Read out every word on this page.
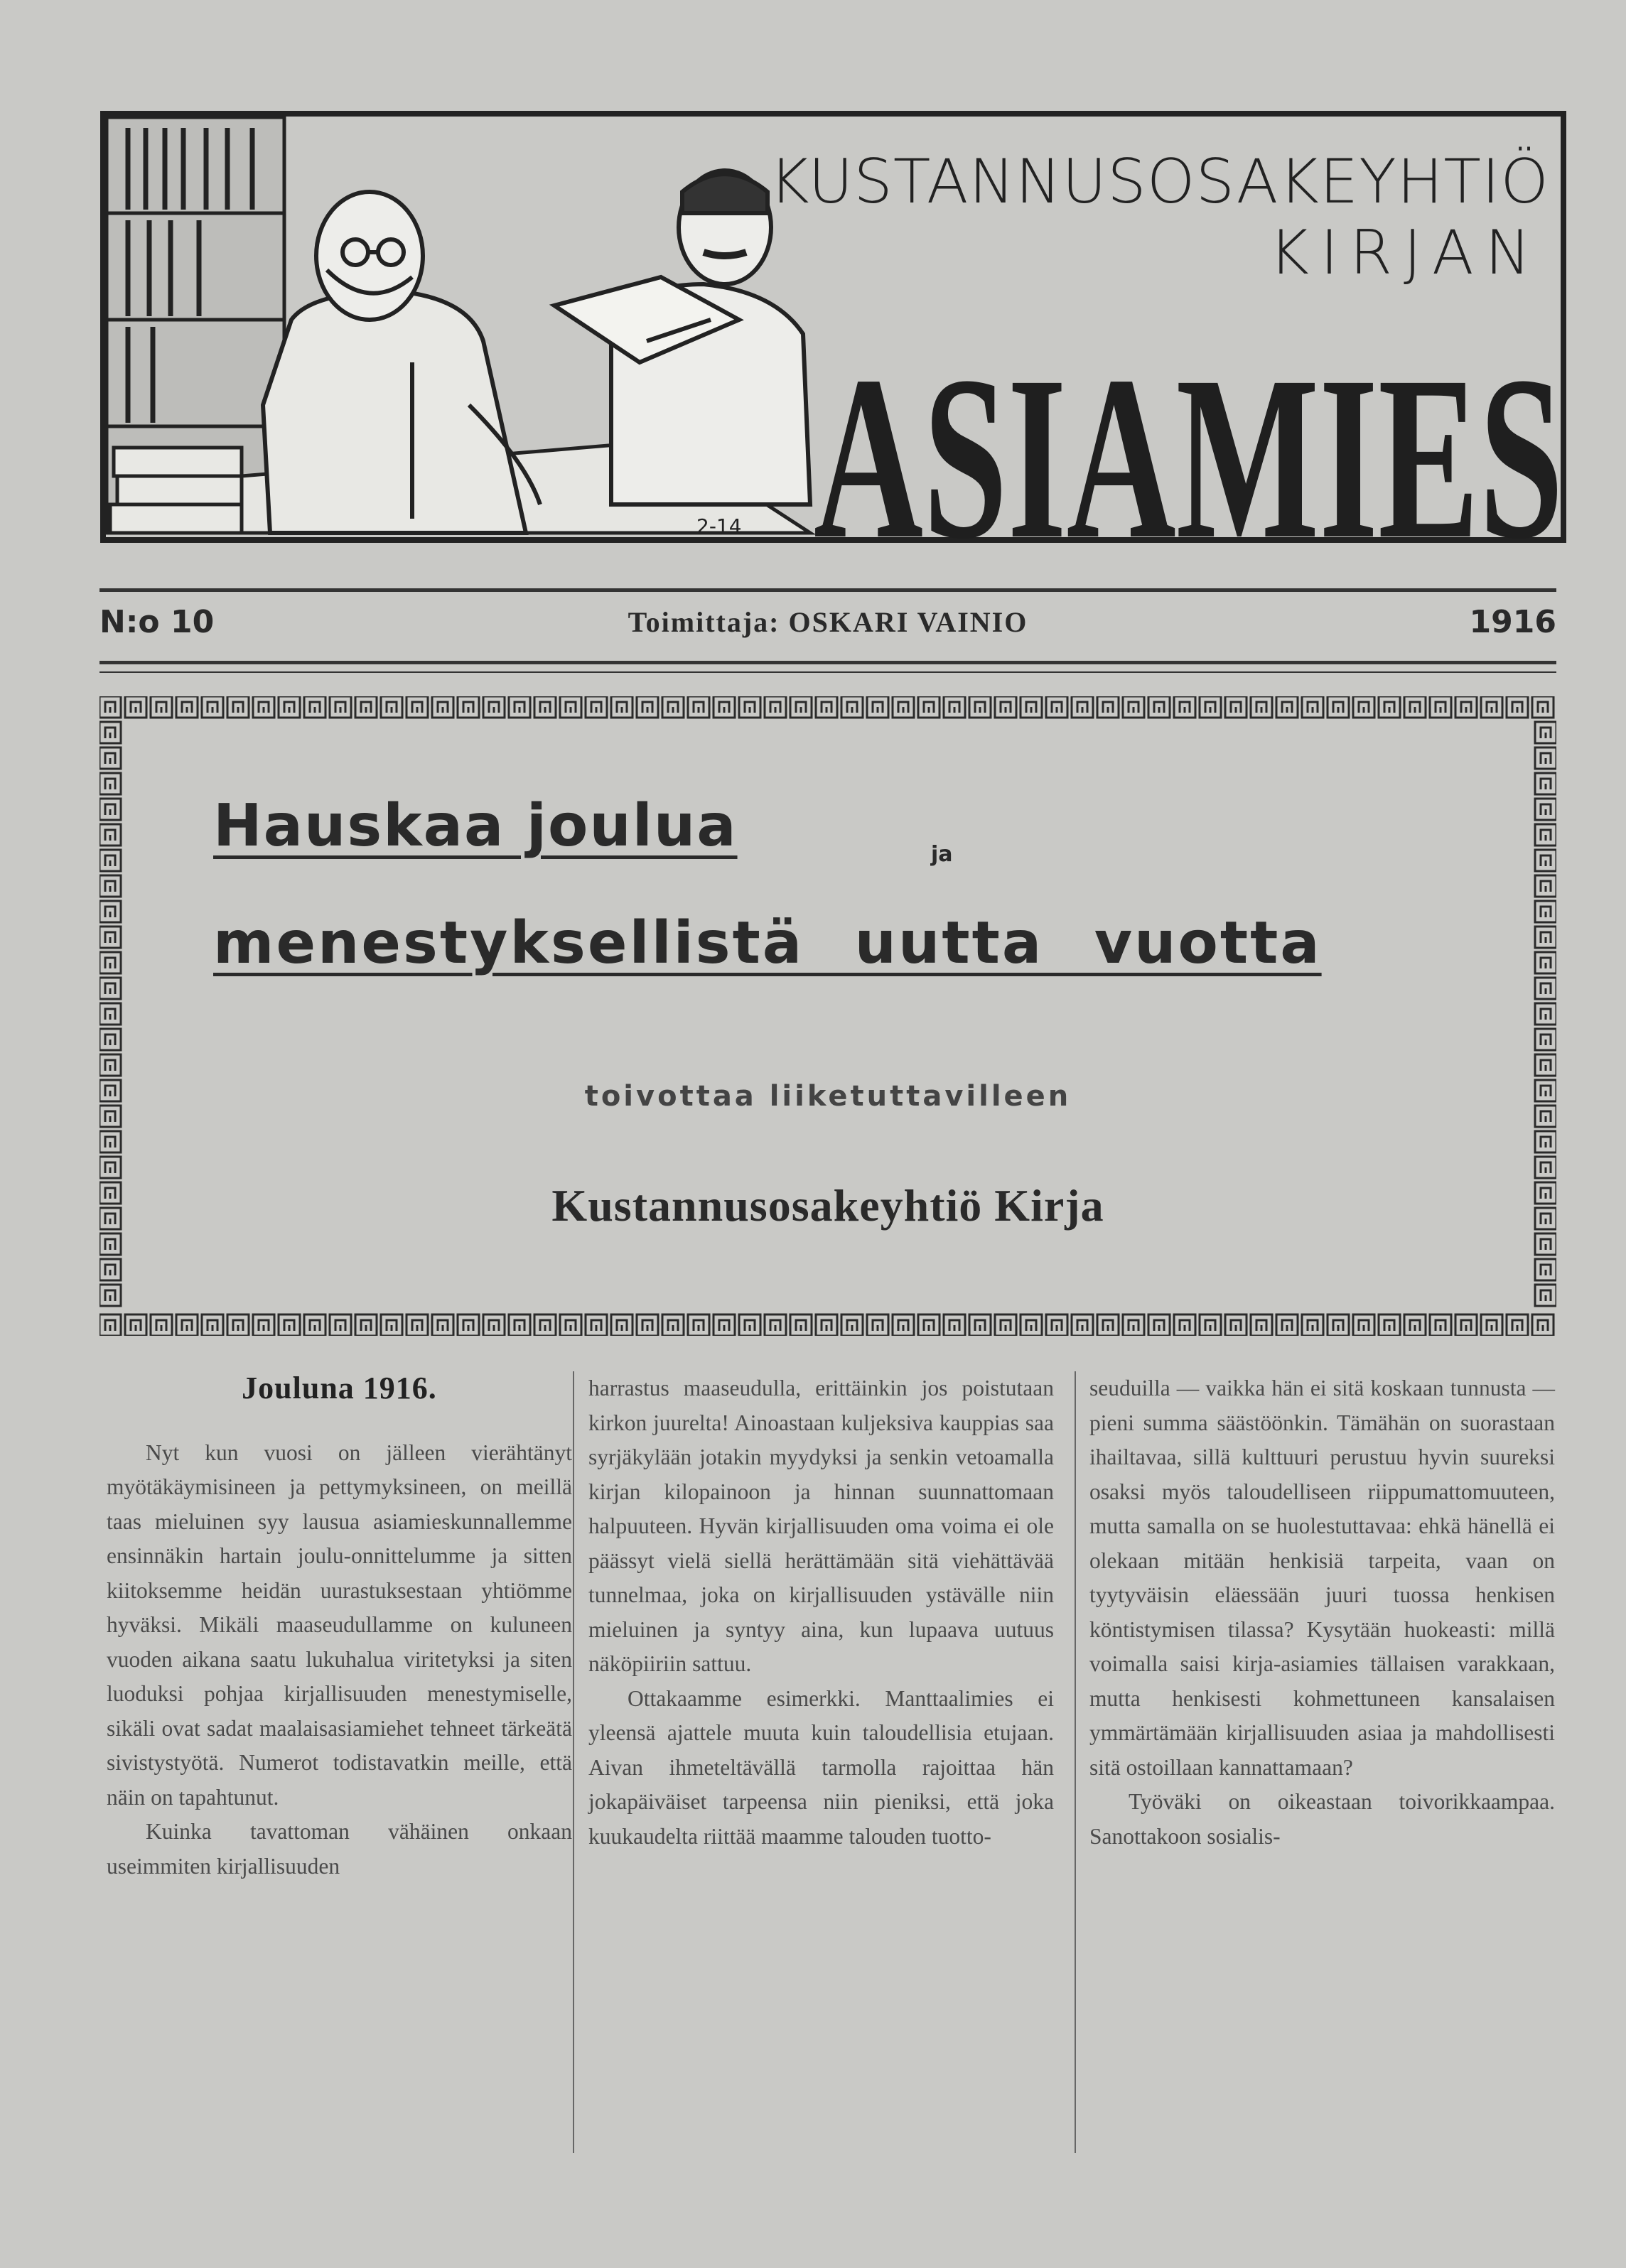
KUSTANNUSOSAKEYHTIÖ
KIRJAN
ASIAMIES
2-14
N:o 10	Toimittaja: OSKARI VAINIO	1916
Hauskaa joulua	ja
menestyksellistä uutta vuotta
toivottaa liiketuttavilleen
Kustannusosakeyhtiö Kirja
Jouluna 1916.

Nyt kun vuosi on jälleen vierähtänyt myötäkäymisineen ja pettymyksineen, on meillä taas mieluinen syy lausua asiamieskunnallemme ensinnäkin hartain joulu-onnittelumme ja sitten kiitoksemme heidän uurastuksestaan yhtiömme hyväksi. Mikäli maaseudullamme on kuluneen vuoden aikana saatu lukuhalua viritetyksi ja siten luoduksi pohjaa kirjallisuuden menestymiselle, sikäli ovat sadat maalaisasiamiehet tehneet tärkeätä sivistystyötä. Numerot todistavatkin meille, että näin on tapahtunut.

Kuinka tavattoman vähäinen onkaan useimmiten kirjallisuuden

harrastus maaseudulla, erittäinkin jos poistutaan kirkon juurelta! Ainoastaan kuljeksiva kauppias saa syrjäkylään jotakin myydyksi ja senkin vetoamalla kirjan kilopainoon ja hinnan suunnattomaan halpuuteen. Hyvän kirjallisuuden oma voima ei ole päässyt vielä siellä herättämään sitä viehättävää tunnelmaa, joka on kirjallisuuden ystävälle niin mieluinen ja syntyy aina, kun lupaava uutuus näköpiiriin sattuu.

Ottakaamme esimerkki. Manttaalimies ei yleensä ajattele muuta kuin taloudellisia etujaan. Aivan ihmeteltävällä tarmolla rajoittaa hän jokapäiväiset tarpeensa niin pieniksi, että joka kuukaudelta riittää maamme talouden tuotto-

seuduilla — vaikka hän ei sitä koskaan tunnusta — pieni summa säästöönkin. Tämähän on suorastaan ihailtavaa, sillä kulttuuri perustuu hyvin suureksi osaksi myös taloudelliseen riippumattomuuteen, mutta samalla on se huolestuttavaa: ehkä hänellä ei olekaan mitään henkisiä tarpeita, vaan on tyytyväisin eläessään juuri tuossa henkisen köntistymisen tilassa? Kysytään huokeasti: millä voimalla saisi kirja-asiamies tällaisen varakkaan, mutta henkisesti kohmettuneen kansalaisen ymmärtämään kirjallisuuden asiaa ja mahdollisesti sitä ostoillaan kannattamaan?

Työväki on oikeastaan toivorikkaampaa. Sanottakoon sosialis-
